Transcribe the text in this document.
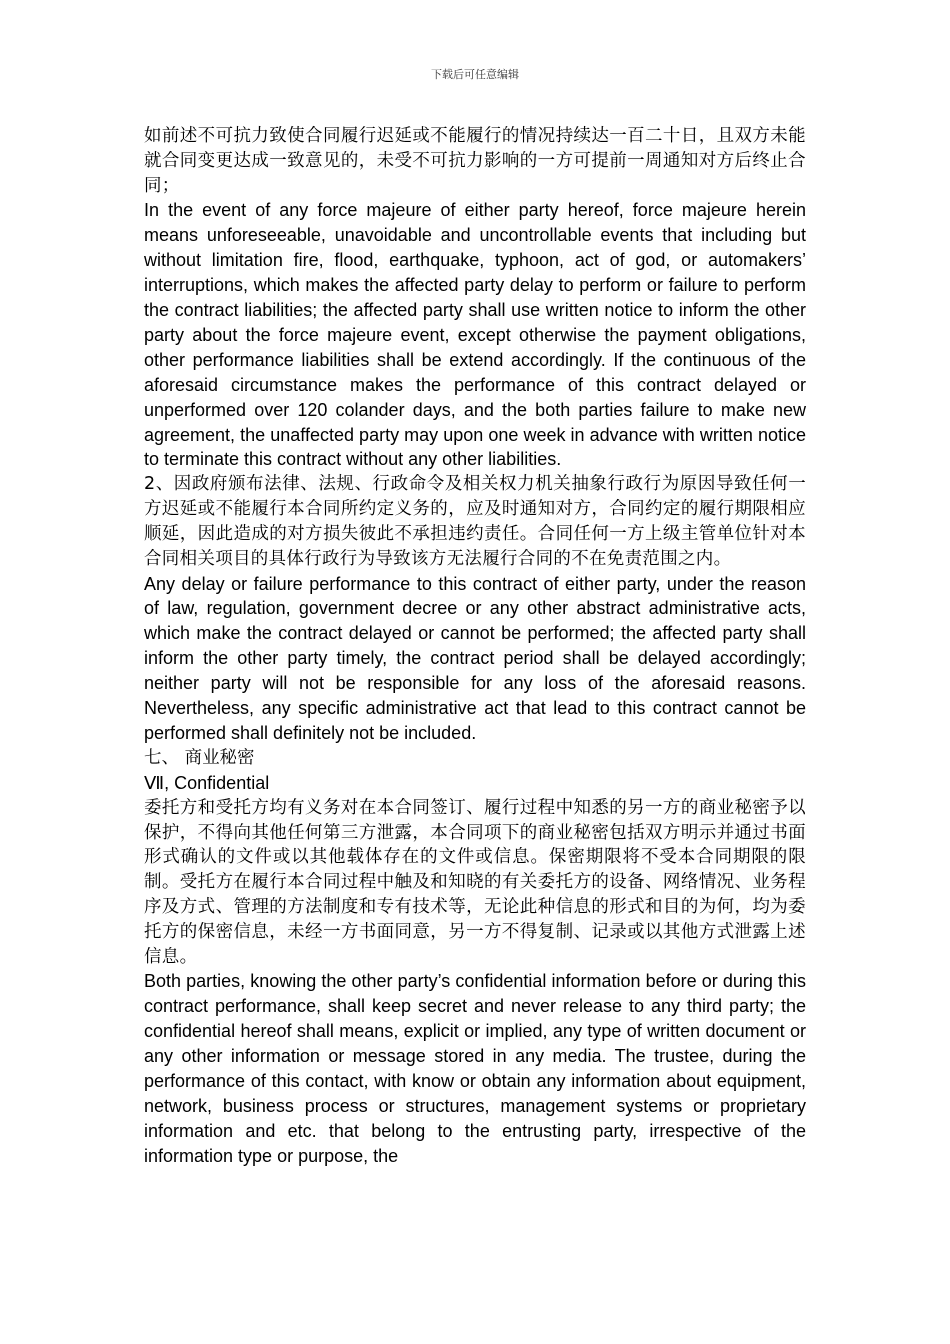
下载后可任意编辑

如前述不可抗力致使合同履行迟延或不能履行的情况持续达一百二十日，且双方未能就合同变更达成一致意见的，未受不可抗力影响的一方可提前一周通知对方后终止合同；

In the event of any force majeure of either party hereof, force majeure herein means unforeseeable, unavoidable and uncontrollable events that including but without limitation fire, flood, earthquake, typhoon, act of god, or automakers’ interruptions, which makes the affected party delay to perform or failure to perform the contract liabilities; the affected party shall use written notice to inform the other party about the force majeure event, except otherwise the payment obligations, other performance liabilities shall be extend accordingly. If the continuous of the aforesaid circumstance makes the performance of this contract delayed or unperformed over 120 colander days, and the both parties failure to make new agreement, the unaffected party may upon one week in advance with written notice to terminate this contract without any other liabilities.

2、因政府颁布法律、法规、行政命令及相关权力机关抽象行政行为原因导致任何一方迟延或不能履行本合同所约定义务的，应及时通知对方，合同约定的履行期限相应顺延，因此造成的对方损失彼此不承担违约责任。合同任何一方上级主管单位针对本合同相关项目的具体行政行为导致该方无法履行合同的不在免责范围之内。

Any delay or failure performance to this contract of either party, under the reason of law, regulation, government decree or any other abstract administrative acts, which make the contract delayed or cannot be performed; the affected party shall inform the other party timely, the contract period shall be delayed accordingly; neither party will not be responsible for any loss of the aforesaid reasons. Nevertheless, any specific administrative act that lead to this contract cannot be performed shall definitely not be included.

七、 商业秘密

Ⅶ, Confidential

委托方和受托方均有义务对在本合同签订、履行过程中知悉的另一方的商业秘密予以保护，不得向其他任何第三方泄露，本合同项下的商业秘密包括双方明示并通过书面形式确认的文件或以其他载体存在的文件或信息。保密期限将不受本合同期限的限制。受托方在履行本合同过程中触及和知晓的有关委托方的设备、网络情况、业务程序及方式、管理的方法制度和专有技术等，无论此种信息的形式和目的为何，均为委托方的保密信息，未经一方书面同意，另一方不得复制、记录或以其他方式泄露上述信息。

Both parties, knowing the other party’s confidential information before or during this contract performance, shall keep secret and never release to any third party; the confidential hereof shall means, explicit or implied, any type of written document or any other information or message stored in any media. The trustee, during the performance of this contact, with know or obtain any information about equipment, network, business process or structures, management systems or proprietary information and etc. that belong to the entrusting party, irrespective of the information type or purpose, the
